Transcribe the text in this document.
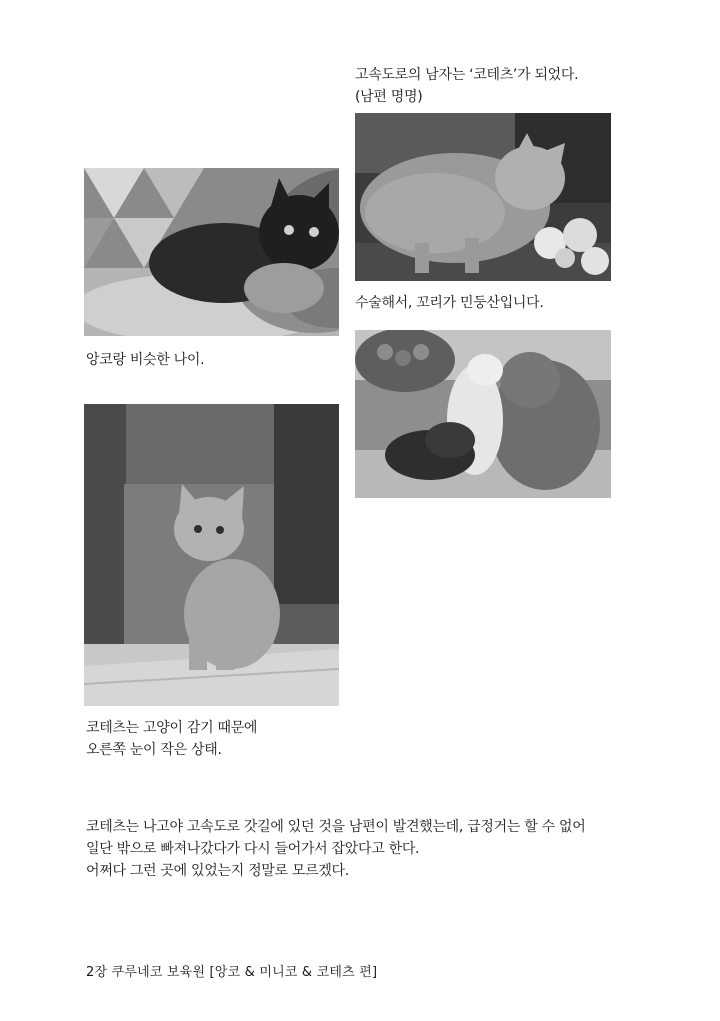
앙코랑 비슷한 나이.
고속도로의 남자는 ‘코테츠’가 되었다.
(남편 명명)
수술해서, 꼬리가 민둥산입니다.
코테츠는 고양이 감기 때문에
오른쪽 눈이 작은 상태.
코테츠는 나고야 고속도로 갓길에 있던 것을 남편이 발견했는데, 급정거는 할 수 없어
일단 밖으로 빠져나갔다가 다시 들어가서 잡았다고 한다.
어쩌다 그런 곳에 있었는지 정말로 모르겠다.
2장 쿠루네코 보육원 [앙코 & 미니코 & 코테츠 편]
